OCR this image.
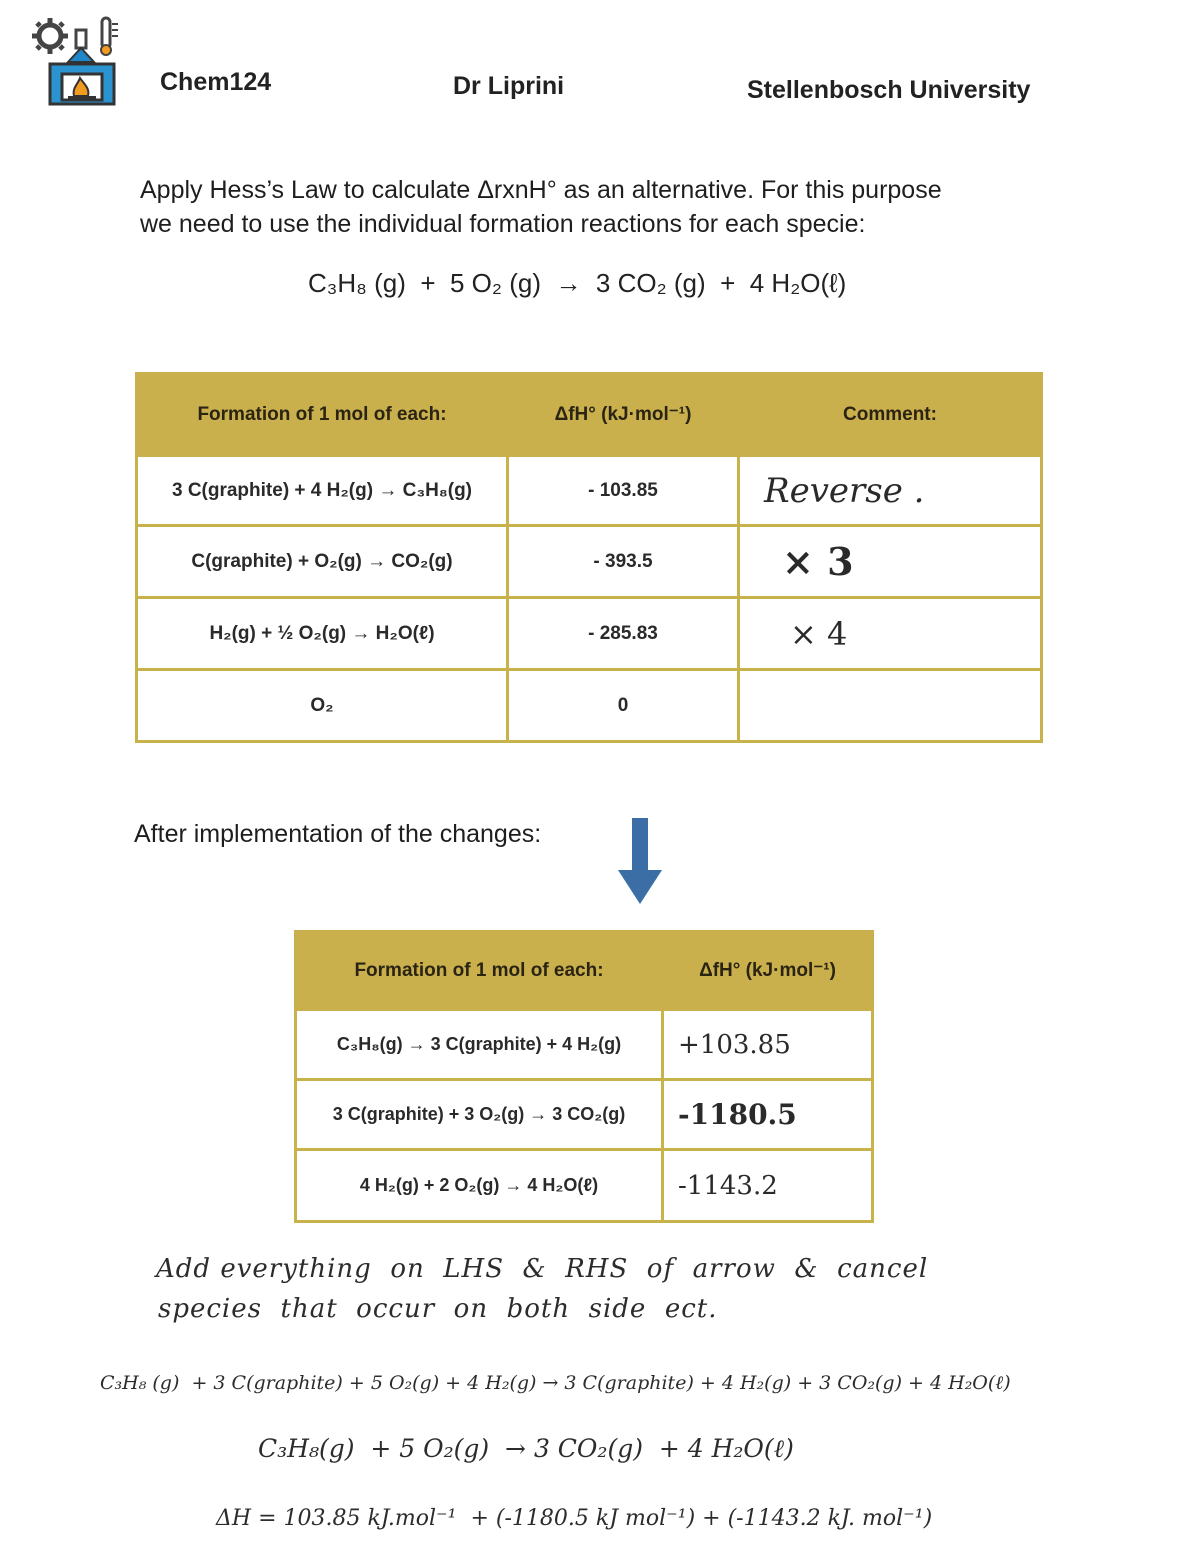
Chem124	Dr Liprini	Stellenbosch University
Apply Hess’s Law to calculate ΔrxnH° as an alternative. For this purpose
we need to use the individual formation reactions for each specie:
C₃H₈ (g)  +  5 O₂ (g)  →  3 CO₂ (g)  +  4 H₂O(ℓ)
Formation of 1 mol of each:	ΔfH° (kJ·mol⁻¹)	Comment:
3 C(graphite) + 4 H₂(g) → C₃H₈(g)	- 103.85	Reverse .
C(graphite) + O₂(g) → CO₂(g)	- 393.5	× 3
H₂(g) + ½ O₂(g) → H₂O(ℓ)	- 285.83	× 4
O₂	0	
After implementation of the changes:
Formation of 1 mol of each:	ΔfH° (kJ·mol⁻¹)
C₃H₈(g) → 3 C(graphite) + 4 H₂(g)	+103.85
3 C(graphite) + 3 O₂(g) → 3 CO₂(g)	-1180.5
4 H₂(g) + 2 O₂(g) → 4 H₂O(ℓ)	-1143.2
Add everything  on  LHS  &  RHS  of  arrow  &  cancel
species  that  occur  on  both  side  ect.
C₃H₈ (g)  + 3 C(graphite) + 5 O₂(g) + 4 H₂(g) → 3 C(graphite) + 4 H₂(g) + 3 CO₂(g) + 4 H₂O(ℓ)
C₃H₈(g)  + 5 O₂(g)  → 3 CO₂(g)  + 4 H₂O(ℓ)
ΔH = 103.85 kJ.mol⁻¹  + (-1180.5 kJ mol⁻¹) + (-1143.2 kJ. mol⁻¹)
